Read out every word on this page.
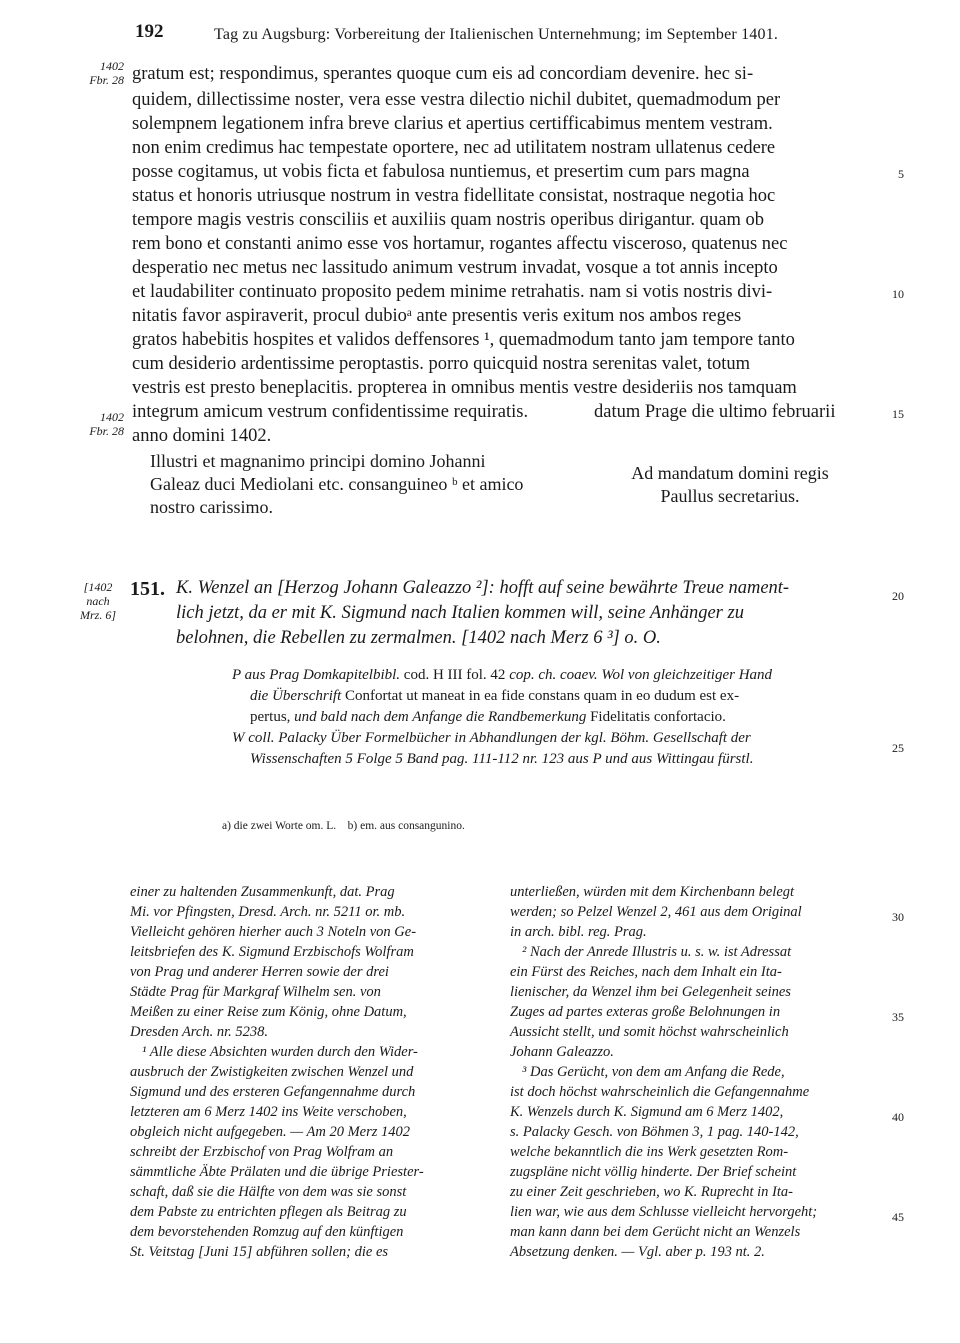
192	Tag zu Augsburg: Vorbereitung der Italienischen Unternehmung; im September 1401.
1402
Fbr. 28
1402
Fbr. 28
[1402
nach
Mrz. 6]
gratum est; respondimus, sperantes quoque cum eis ad concordiam devenire. hec si-
quidem, dillectissime noster, vera esse vestra dilectio nichil dubitet, quemadmodum per
solempnem legationem infra breve clarius et apertius certifficabimus mentem vestram.
non enim credimus hac tempestate oportere, nec ad utilitatem nostram ullatenus cedere
posse cogitamus, ut vobis ficta et fabulosa nuntiemus, et presertim cum pars magna
status et honoris utriusque nostrum in vestra fidellitate consistat, nostraque negotia hoc
tempore magis vestris consciliis et auxiliis quam nostris operibus dirigantur. quam ob
rem bono et constanti animo esse vos hortamur, rogantes affectu visceroso, quatenus nec
desperatio nec metus nec lassitudo animum vestrum invadat, vosque a tot annis incepto
et laudabiliter continuato proposito pedem minime retrahatis. nam si votis nostris divi-
nitatis favor aspiraverit, procul dubioᵃ ante presentis veris exitum nos ambos reges
gratos habebitis hospites et validos deffensores ¹, quemadmodum tanto jam tempore tanto
cum desiderio ardentissime peroptastis. porro quicquid nostra serenitas valet, totum
vestris est presto beneplacitis. propterea in omnibus mentis vestre desideriis nos tamquam
integrum amicum vestrum confidentissime requiratis.	datum Prage die ultimo februarii
anno domini 1402.
Illustri et magnanimo principi domino Johanni
Galeaz duci Mediolani etc. consanguineo ᵇ et amico
nostro carissimo.
Ad mandatum domini regis
Paullus secretarius.
5
10
15
20
25
30
35
40
45
151. K. Wenzel an [Herzog Johann Galeazzo ²]: hofft auf seine bewährte Treue nament-
lich jetzt, da er mit K. Sigmund nach Italien kommen will, seine Anhänger zu
belohnen, die Rebellen zu zermalmen. [1402 nach Merz 6 ³] o. O.
P aus Prag Domkapitelbibl. cod. H III fol. 42 cop. ch. coaev. Wol von gleichzeitiger Hand
die Überschrift Confortat ut maneat in ea fide constans quam in eo dudum est ex-
pertus, und bald nach dem Anfange die Randbemerkung Fidelitatis confortacio.
W coll. Palacky Über Formelbücher in Abhandlungen der kgl. Böhm. Gesellschaft der
Wissenschaften 5 Folge 5 Band pag. 111-112 nr. 123 aus P und aus Wittingau fürstl.
a) die zwei Worte om. L.    b) em. aus consangunino.
einer zu haltenden Zusammenkunft, dat. Prag
Mi. vor Pfingsten, Dresd. Arch. nr. 5211 or. mb.
Vielleicht gehören hierher auch 3 Noteln von Ge-
leitsbriefen des K. Sigmund Erzbischofs Wolfram
von Prag und anderer Herren sowie der drei
Städte Prag für Markgraf Wilhelm sen. von
Meißen zu einer Reise zum König, ohne Datum,
Dresden Arch. nr. 5238.
¹ Alle diese Absichten wurden durch den Wider-
ausbruch der Zwistigkeiten zwischen Wenzel und
Sigmund und des ersteren Gefangennahme durch
letzteren am 6 Merz 1402 ins Weite verschoben,
obgleich nicht aufgegeben. — Am 20 Merz 1402
schreibt der Erzbischof von Prag Wolfram an
sämmtliche Äbte Prälaten und die übrige Priester-
schaft, daß sie die Hälfte von dem was sie sonst
dem Pabste zu entrichten pflegen als Beitrag zu
dem bevorstehenden Romzug auf den künftigen
St. Veitstag [Juni 15] abführen sollen; die es
unterließen, würden mit dem Kirchenbann belegt
werden; so Pelzel Wenzel 2, 461 aus dem Original
in arch. bibl. reg. Prag.
² Nach der Anrede Illustris u. s. w. ist Adressat
ein Fürst des Reiches, nach dem Inhalt ein Ita-
lienischer, da Wenzel ihm bei Gelegenheit seines
Zuges ad partes exteras große Belohnungen in
Aussicht stellt, und somit höchst wahrscheinlich
Johann Galeazzo.
³ Das Gerücht, von dem am Anfang die Rede,
ist doch höchst wahrscheinlich die Gefangennahme
K. Wenzels durch K. Sigmund am 6 Merz 1402,
s. Palacky Gesch. von Böhmen 3, 1 pag. 140-142,
welche bekanntlich die ins Werk gesetzten Rom-
zugspläne nicht völlig hinderte. Der Brief scheint
zu einer Zeit geschrieben, wo K. Ruprecht in Ita-
lien war, wie aus dem Schlusse vielleicht hervorgeht;
man kann dann bei dem Gerücht nicht an Wenzels
Absetzung denken. — Vgl. aber p. 193 nt. 2.
